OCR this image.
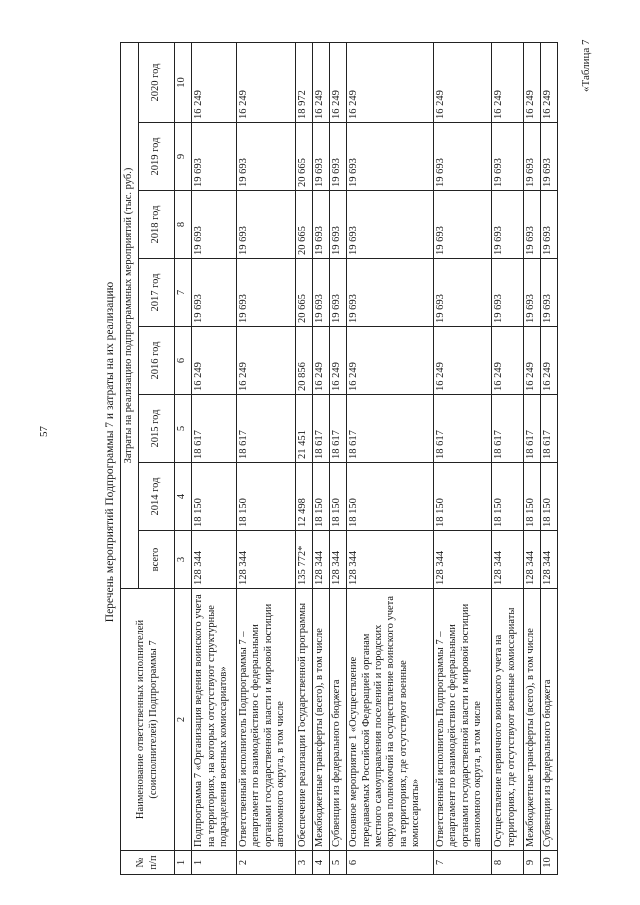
57
«Таблица 7
Перечень мероприятий Подпрограммы 7 и затраты на их реализацию
№ п/п	Наименование ответственных исполнителей (соисполнителей) Подпрограммы 7	Затраты на реализацию подпрограммных мероприятий (тыс. руб.)							
		всего	2014 год	2015 год	2016 год	2017 год	2018 год	2019 год	2020 год
1	2	3	4	5	6	7	8	9	10
1	Подпрограмма 7 «Организация ведения воинского учета на территориях, на которых отсутствуют структурные подразделения военных комиссариатов»	128 344	18 150	18 617	16 249	19 693	19 693	19 693	16 249
2	Ответственный исполнитель Подпрограммы 7 – департамент по взаимодействию с федеральными органами государственной власти и мировой юстиции автономного округа, в том числе	128 344	18 150	18 617	16 249	19 693	19 693	19 693	16 249
3	Обеспечение реализации Государственной программы	135 772*	12 498	21 451	20 856	20 665	20 665	20 665	18 972
4	Межбюджетные трансферты (всего), в том числе	128 344	18 150	18 617	16 249	19 693	19 693	19 693	16 249
5	Субвенции из федерального бюджета	128 344	18 150	18 617	16 249	19 693	19 693	19 693	16 249
6	Основное мероприятие 1 «Осуществление передаваемых Российской Федерацией органам местного самоуправления поселений и городских округов полномочий на осуществление воинского учета на территориях, где отсутствуют военные комиссариаты»	128 344	18 150	18 617	16 249	19 693	19 693	19 693	16 249
7	Ответственный исполнитель Подпрограммы 7 – департамент по взаимодействию с федеральными органами государственной власти и мировой юстиции автономного округа, в том числе	128 344	18 150	18 617	16 249	19 693	19 693	19 693	16 249
8	Осуществление первичного воинского учета на территориях, где отсутствуют военные комиссариаты	128 344	18 150	18 617	16 249	19 693	19 693	19 693	16 249
9	Межбюджетные трансферты (всего), в том числе	128 344	18 150	18 617	16 249	19 693	19 693	19 693	16 249
10	Субвенции из федерального бюджета	128 344	18 150	18 617	16 249	19 693	19 693	19 693	16 249
